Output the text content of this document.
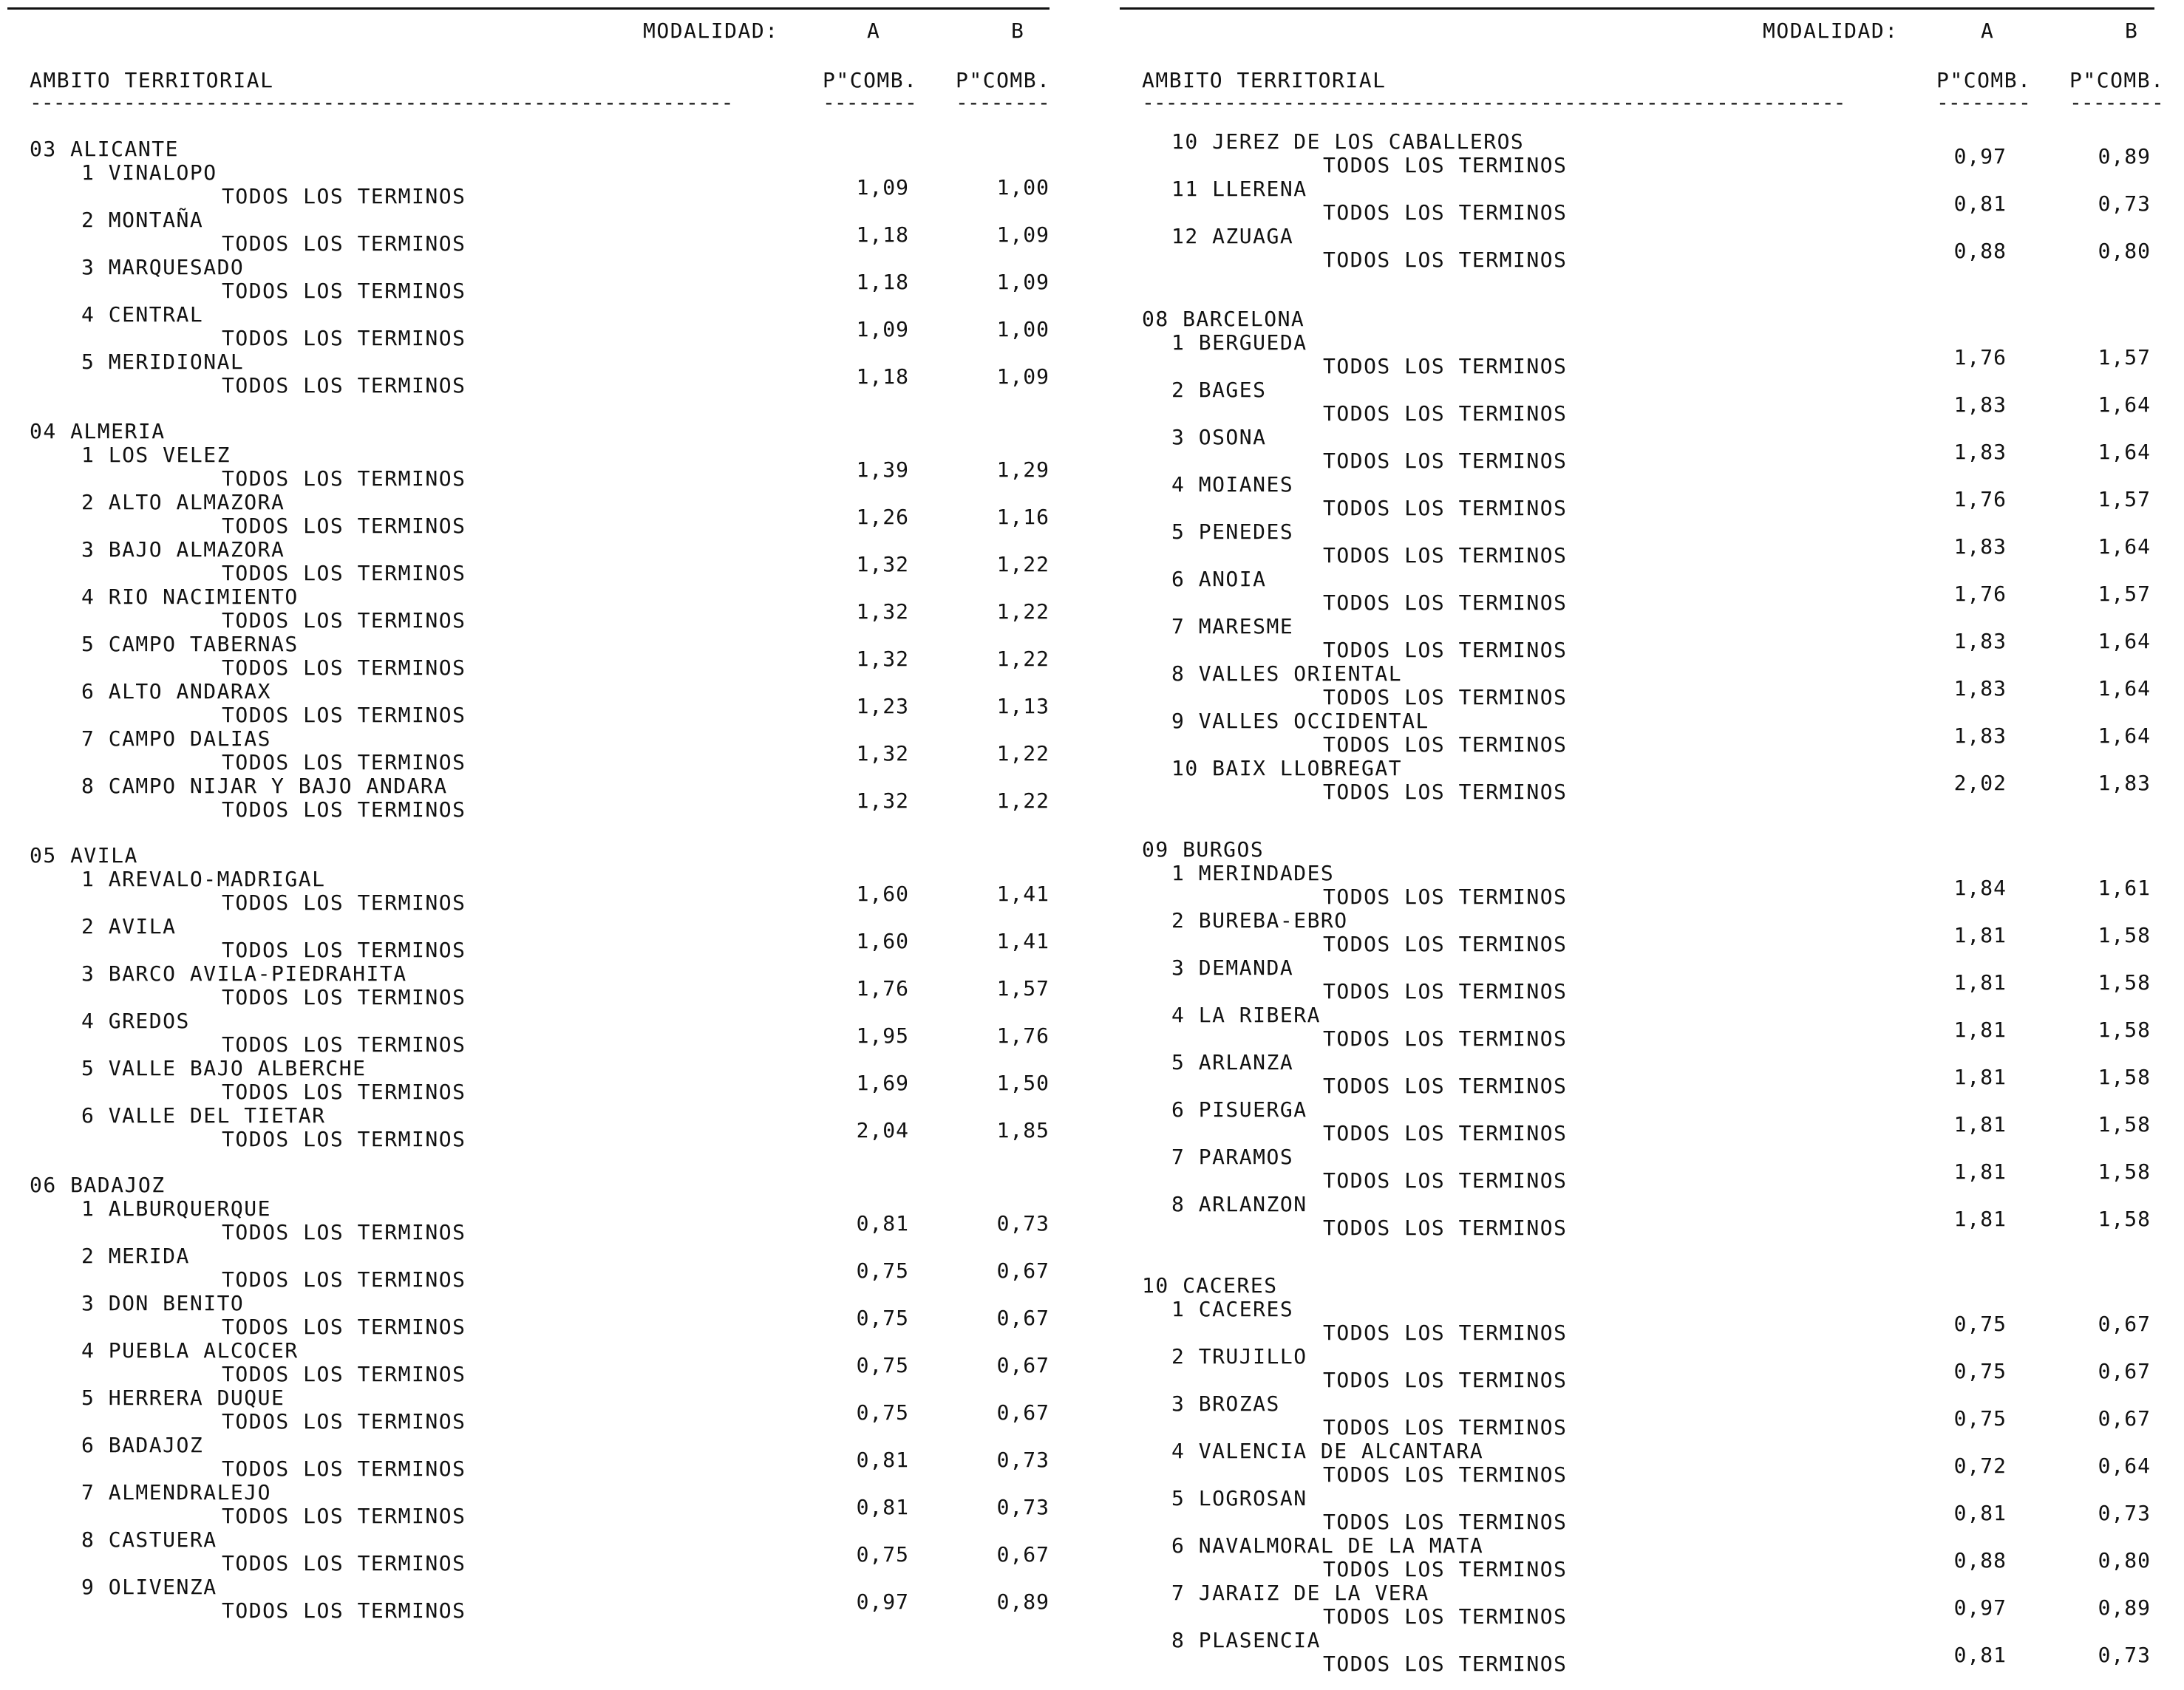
MODALIDAD:	A	B
AMBITO TERRITORIAL	P"COMB. P"COMB.
------------------------------------------------------------	-------- --------
03 ALICANTE
1 VINALOPO
TODOS LOS TERMINOS	1,09	1,00
2 MONTAÑA
TODOS LOS TERMINOS	1,18	1,09
3 MARQUESADO
TODOS LOS TERMINOS	1,18	1,09
4 CENTRAL
TODOS LOS TERMINOS	1,09	1,00
5 MERIDIONAL
TODOS LOS TERMINOS	1,18	1,09
04 ALMERIA
1 LOS VELEZ
TODOS LOS TERMINOS	1,39	1,29
2 ALTO ALMAZORA
TODOS LOS TERMINOS	1,26	1,16
3 BAJO ALMAZORA
TODOS LOS TERMINOS	1,32	1,22
4 RIO NACIMIENTO
TODOS LOS TERMINOS	1,32	1,22
5 CAMPO TABERNAS
TODOS LOS TERMINOS	1,32	1,22
6 ALTO ANDARAX
TODOS LOS TERMINOS	1,23	1,13
7 CAMPO DALIAS
TODOS LOS TERMINOS	1,32	1,22
8 CAMPO NIJAR Y BAJO ANDARA
TODOS LOS TERMINOS	1,32	1,22
05 AVILA
1 AREVALO-MADRIGAL
TODOS LOS TERMINOS	1,60	1,41
2 AVILA
TODOS LOS TERMINOS	1,60	1,41
3 BARCO AVILA-PIEDRAHITA
TODOS LOS TERMINOS	1,76	1,57
4 GREDOS
TODOS LOS TERMINOS	1,95	1,76
5 VALLE BAJO ALBERCHE
TODOS LOS TERMINOS	1,69	1,50
6 VALLE DEL TIETAR
TODOS LOS TERMINOS	2,04	1,85
06 BADAJOZ
1 ALBURQUERQUE
TODOS LOS TERMINOS	0,81	0,73
2 MERIDA
TODOS LOS TERMINOS	0,75	0,67
3 DON BENITO
TODOS LOS TERMINOS	0,75	0,67
4 PUEBLA ALCOCER
TODOS LOS TERMINOS	0,75	0,67
5 HERRERA DUQUE
TODOS LOS TERMINOS	0,75	0,67
6 BADAJOZ
TODOS LOS TERMINOS	0,81	0,73
7 ALMENDRALEJO
TODOS LOS TERMINOS	0,81	0,73
8 CASTUERA
TODOS LOS TERMINOS	0,75	0,67
9 OLIVENZA
TODOS LOS TERMINOS	0,97	0,89
MODALIDAD:	A	B
AMBITO TERRITORIAL	P"COMB. P"COMB.
------------------------------------------------------------	-------- --------
10 JEREZ DE LOS CABALLEROS
TODOS LOS TERMINOS	0,97	0,89
11 LLERENA
TODOS LOS TERMINOS	0,81	0,73
12 AZUAGA
TODOS LOS TERMINOS	0,88	0,80
08 BARCELONA
1 BERGUEDA
TODOS LOS TERMINOS	1,76	1,57
2 BAGES
TODOS LOS TERMINOS	1,83	1,64
3 OSONA
TODOS LOS TERMINOS	1,83	1,64
4 MOIANES
TODOS LOS TERMINOS	1,76	1,57
5 PENEDES
TODOS LOS TERMINOS	1,83	1,64
6 ANOIA
TODOS LOS TERMINOS	1,76	1,57
7 MARESME
TODOS LOS TERMINOS	1,83	1,64
8 VALLES ORIENTAL
TODOS LOS TERMINOS	1,83	1,64
9 VALLES OCCIDENTAL
TODOS LOS TERMINOS	1,83	1,64
10 BAIX LLOBREGAT
TODOS LOS TERMINOS	2,02	1,83
09 BURGOS
1 MERINDADES
TODOS LOS TERMINOS	1,84	1,61
2 BUREBA-EBRO
TODOS LOS TERMINOS	1,81	1,58
3 DEMANDA
TODOS LOS TERMINOS	1,81	1,58
4 LA RIBERA
TODOS LOS TERMINOS	1,81	1,58
5 ARLANZA
TODOS LOS TERMINOS	1,81	1,58
6 PISUERGA
TODOS LOS TERMINOS	1,81	1,58
7 PARAMOS
TODOS LOS TERMINOS	1,81	1,58
8 ARLANZON
TODOS LOS TERMINOS	1,81	1,58
10 CACERES
1 CACERES
TODOS LOS TERMINOS	0,75	0,67
2 TRUJILLO
TODOS LOS TERMINOS	0,75	0,67
3 BROZAS
TODOS LOS TERMINOS	0,75	0,67
4 VALENCIA DE ALCANTARA
TODOS LOS TERMINOS	0,72	0,64
5 LOGROSAN
TODOS LOS TERMINOS	0,81	0,73
6 NAVALMORAL DE LA MATA
TODOS LOS TERMINOS	0,88	0,80
7 JARAIZ DE LA VERA
TODOS LOS TERMINOS	0,97	0,89
8 PLASENCIA
TODOS LOS TERMINOS	0,81	0,73
